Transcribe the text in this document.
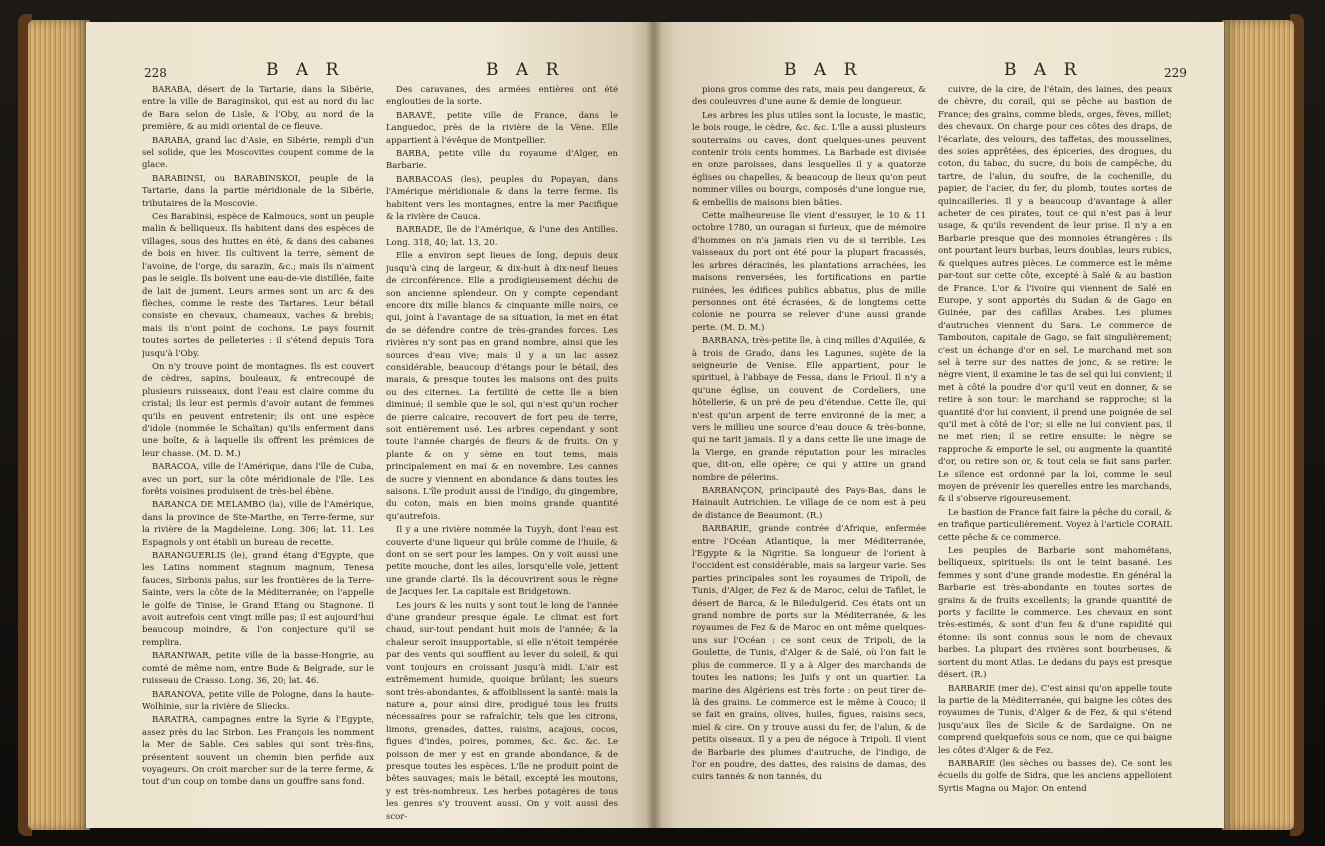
228	B A R	B A R

BARABA, désert de la Tartarie, dans la Sibérie, entre la ville de Baraginskoi, qui est au nord du lac de Bara selon de Lisle, & l'Oby, au nord de la première, & au midi oriental de ce fleuve.

BARABA, grand lac d'Asie, en Sibérie, rempli d'un sel solide, que les Moscovites coupent comme de la glace.

BARABINSI, ou BARABINSKOI, peuple de la Tartarie, dans la partie méridionale de la Sibérie, tributaires de la Moscovie.

Ces Barabinsi, espèce de Kalmoucs, sont un peuple malin & belliqueux. Ils habitent dans des espèces de villages, sous des huttes en été, & dans des cabanes de bois en hiver. Ils cultivent la terre, sèment de l'avoine, de l'orge, du sarazin, &c.; mais ils n'aiment pas le seigle. Ils boivent une eau-de-vie distillée, faite de lait de jument. Leurs armes sont un arc & des flèches, comme le reste des Tartares. Leur bétail consiste en chevaux, chameaux, vaches & brebis; mais ils n'ont point de cochons. Le pays fournit toutes sortes de pelleteries : il s'étend depuis Tora jusqu'à l'Oby.

On n'y trouve point de montagnes. Ils est couvert de cèdres, sapins, bouleaux, & entrecoupé de plusieurs ruisseaux, dont l'eau est claire comme du cristal; ils leur est permis d'avoir autant de femmes qu'ils en peuvent entretenir; ils ont une espèce d'idole (nommée le Schaïtan) qu'ils enferment dans une boîte, & à laquelle ils offrent les prémices de leur chasse. (M. D. M.)

BARACOA, ville de l'Amérique, dans l'île de Cuba, avec un port, sur la côte méridionale de l'île. Les forêts voisines produisent de très-bel ébène.

BARANCA DE MELAMBO (la), ville de l'Amérique, dans la province de Ste-Marthe, en Terre-ferme, sur la rivière de la Magdeleine. Long. 306; lat. 11. Les Espagnols y ont établi un bureau de recette.

BARANGUERLIS (le), grand étang d'Egypte, que les Latins nomment stagnum magnum, Tenesa fauces, Sirbonis palus, sur les frontières de la Terre-Sainte, vers la côte de la Méditerranée; on l'appelle le golfe de Tinise, le Grand Etang ou Stagnone. Il avoit autrefois cent vingt mille pas; il est aujourd'hui beaucoup moindre, & l'on conjecture qu'il se remplira.

BARANIWAR, petite ville de la basse-Hongrie, au comté de même nom, entre Bude & Belgrade, sur le ruisseau de Crasso. Long. 36, 20; lat. 46.

BARANOVA, petite ville de Pologne, dans la haute-Wolhinie, sur la rivière de Sliecks.

BARATRA, campagnes entre la Syrie & l'Egypte, assez près du lac Sirbon. Les François les nomment la Mer de Sable. Ces sables qui sont très-fins, présentent souvent un chemin bien perfide aux voyageurs. On croit marcher sur de la terre ferme, & tout d'un coup on tombe dans un gouffre sans fond.

Des caravanes, des armées entières ont été englouties de la sorte.

BARAVÉ, petite ville de France, dans le Languedoc, près de la rivière de la Vène. Elle appartient à l'évêque de Montpellier.

BARBA, petite ville du royaume d'Alger, en Barbarie.

BARBACOAS (les), peuples du Popayan, dans l'Amérique méridionale & dans la terre ferme. Ils habitent vers les montagnes, entre la mer Pacifique & la rivière de Cauca.

BARBADE, île de l'Amérique, & l'une des Antilles. Long. 318, 40; lat. 13, 20.

Elle a environ sept lieues de long, depuis deux jusqu'à cinq de largeur, & dix-huit à dix-neuf lieues de circonférence. Elle a prodigieusement déchu de son ancienne splendeur. On y compte cependant encore dix mille blancs & cinquante mille noirs, ce qui, joint à l'avantage de sa situation, la met en état de se défendre contre de très-grandes forces. Les rivières n'y sont pas en grand nombre, ainsi que les sources d'eau vive; mais il y a un lac assez considérable, beaucoup d'étangs pour le bétail, des marais, & presque toutes les maisons ont des puits ou des citernes. La fertilité de cette île a bien diminué; il semble que le sol, qui n'est qu'un rocher de pierre calcaire, recouvert de fort peu de terre, soit entièrement usé. Les arbres cependant y sont toute l'année chargés de fleurs & de fruits. On y plante & on y sème en tout tems, mais principalement en mai & en novembre. Les cannes de sucre y viennent en abondance & dans toutes les saisons. L'île produit aussi de l'indigo, du gingembre, du coton, mais en bien moins grande quantité qu'autrefois.

Il y a une rivière nommée la Tuyyh, dont l'eau est couverte d'une liqueur qui brûle comme de l'huile, & dont on se sert pour les lampes. On y voit aussi une petite mouche, dont les ailes, lorsqu'elle vole, jettent une grande clarté. Ils la découvrirent sous le règne de Jacques Ier. La capitale est Bridgetown.

Les jours & les nuits y sont tout le long de l'année d'une grandeur presque égale. Le climat est fort chaud, sur-tout pendant huit mois de l'année; & la chaleur seroit insupportable, si elle n'étoit tempérée par des vents qui soufflent au lever du soleil, & qui vont toujours en croissant jusqu'à midi. L'air est extrêmement humide, quoique brûlant; les sueurs sont très-abondantes, & affoiblissent la santé: mais la nature a, pour ainsi dire, prodigué tous les fruits nécessaires pour se rafraîchir, tels que les citrons, limons, grenades, dattes, raisins, acajous, cocos, figues d'indes, poires, pommes, &c. &c. &c. Le poisson de mer y est en grande abondance, & de presque toutes les espèces. L'île ne produit point de bêtes sauvages; mais le bétail, excepté les moutons, y est très-nombreux. Les herbes potagères de tous les genres s'y trouvent aussi. On y voit aussi des scor-

B A R	B A R	229

pions gros comme des rats, mais peu dangereux, & des couleuvres d'une aune & demie de longueur.

Les arbres les plus utiles sont la locuste, le mastic, le bois rouge, le cèdre, &c. &c. L'île a aussi plusieurs souterrains ou caves, dont quelques-unes peuvent contenir trois cents hommes. La Barbade est divisée en onze paroisses, dans lesquelles il y a quatorze églises ou chapelles, & beaucoup de lieux qu'on peut nommer villes ou bourgs, composés d'une longue rue, & embellis de maisons bien bâties.

Cette malheureuse île vient d'essuyer, le 10 & 11 octobre 1780, un ouragan si furieux, que de mémoire d'hommes on n'a jamais rien vu de si terrible. Les vaisseaux du port ont été pour la plupart fracassés, les arbres déracinés, les plantations arrachées, les maisons renversées, les fortifications en partie ruinées, les édifices publics abbatus, plus de mille personnes ont été écrasées, & de longtems cette colonie ne pourra se relever d'une aussi grande perte. (M. D. M.)

BARBANA, très-petite île, à cinq milles d'Aquilée, & à trois de Grado, dans les Lagunes, sujète de la seigneurie de Venise. Elle appartient, pour le spirituel, à l'abbaye de Fessa, dans le Frioul. Il n'y a qu'une église, un couvent de Cordeliers, une hôtellerie, & un pré de peu d'étendue. Cette île, qui n'est qu'un arpent de terre environné de la mer, a vers le millieu une source d'eau douce & très-bonne, qui ne tarit jamais. Il y a dans cette île une image de la Vierge, en grande réputation pour les miracles que, dit-on, elle opère; ce qui y attire un grand nombre de pélerins.

BARBANÇON, principauté des Pays-Bas, dans le Hainault Autrichien. Le village de ce nom est à peu de distance de Beaumont. (R.)

BARBARIE, grande contrée d'Afrique, enfermée entre l'Océan Atlantique, la mer Méditerranée, l'Egypte & la Nigritie. Sa longueur de l'orient à l'occident est considérable, mais sa largeur varie. Ses parties principales sont les royaumes de Tripoli, de Tunis, d'Alger, de Fez & de Maroc, celui de Tafilet, le désert de Barca, & le Biledulgerid. Ces états ont un grand nombre de ports sur la Méditerranée, & les royaumes de Fez & de Maroc en ont même quelques-uns sur l'Océan : ce sont ceux de Tripoli, de la Goulette, de Tunis, d'Alger & de Salé, où l'on fait le plus de commerce. Il y a à Alger des marchands de toutes les nations; les Juifs y ont un quartier. La marine des Algériens est très forte : on peut tirer de-là des grains. Le commerce est le même à Couco; il se fait en grains, olives, huiles, figues, raisins secs, miel & cire. On y trouve aussi du fer, de l'alun, & de petits oiseaux. Il y a peu de négoce à Tripoli. Il vient de Barbarie des plumes d'autruche, de l'indigo, de l'or en poudre, des dattes, des raisins de damas, des cuirs tannés & non tannés, du

cuivre, de la cire, de l'étain, des laines, des peaux de chèvre, du corail, qui se pêche au bastion de France; des grains, comme bleds, orges, fèves, millet; des chevaux. On charge pour ces côtes des draps, de l'écarlate, des velours, des taffetas, des mousselines, des soies apprêtées, des épiceries, des drogues, du coton, du tabac, du sucre, du bois de campêche, du tartre, de l'alun, du soufre, de la cochenille, du papier, de l'acier, du fer, du plomb, toutes sortes de quincailleries. Il y a beaucoup d'avantage à aller acheter de ces pirates, tout ce qui n'est pas à leur usage, & qu'ils revendent de leur prise. Il n'y a en Barbarie presque que des monnoies étrangères : ils ont pourtant leurs burbas, leurs doublas, leurs rubics, & quelques autres pièces. Le commerce est le même par-tout sur cette côte, excepté à Salé & au bastion de France. L'or & l'ivoire qui viennent de Salé en Europe, y sont apportés du Sudan & de Gago en Guinée, par des cafillas Arabes. Les plumes d'autruches viennent du Sara. Le commerce de Tambouton, capitale de Gago, se fait singulièrement; c'est un échange d'or en sel. Le marchand met son sel à terre sur des nattes de jonc, & se retire: le nègre vient, il examine le tas de sel qui lui convient; il met à côté la poudre d'or qu'il veut en donner, & se retire à son tour: le marchand se rapproche; si la quantité d'or lui convient, il prend une poignée de sel qu'il met à côté de l'or; si elle ne lui convient pas, il ne met rien; il se retire ensuite: le nègre se rapproche & emporte le sel, ou augmente la quantité d'or, ou retire son or, & tout cela se fait sans parler. Le silence est ordonné par la loi, comme le seul moyen de prévenir les querelles entre les marchands, & il s'observe rigoureusement.

Le bastion de France fait faire la pêche du corail, & en trafique particulièrement. Voyez à l'article CORAIL cette pêche & ce commerce.

Les peuples de Barbarie sont mahométans, belliqueux, spirituels: ils ont le teint basané. Les femmes y sont d'une grande modestie. En général la Barbarie est très-abondante en toutes sortes de grains & de fruits excellents; la grande quantité de ports y facilite le commerce. Les chevaux en sont très-estimés, & sont d'un feu & d'une rapidité qui étonne: ils sont connus sous le nom de chevaux barbes. La plupart des rivières sont bourbeuses, & sortent du mont Atlas. Le dedans du pays est presque désert. (R.)

BARBARIE (mer de). C'est ainsi qu'on appelle toute la partie de la Méditerranée, qui baigne les côtes des royaumes de Tunis, d'Alger & de Fez, & qui s'étend jusqu'aux îles de Sicile & de Sardaigne. On ne comprend quelquefois sous ce nom, que ce qui baigne les côtes d'Alger & de Fez.

BARBARIE (les sèches ou basses de). Ce sont les écueils du golfe de Sidra, que les anciens appelloient Syrtis Magna ou Major. On entend
